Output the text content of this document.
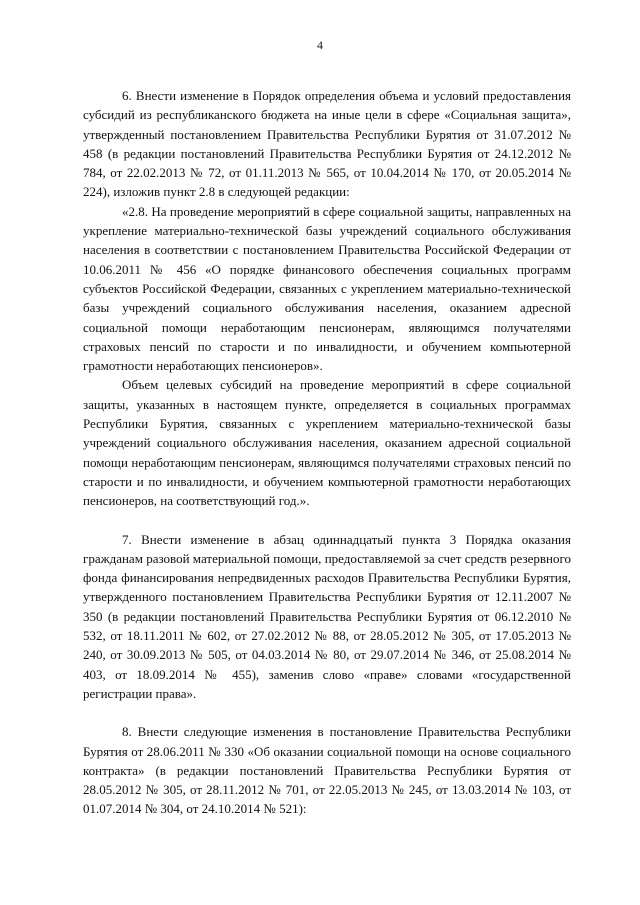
4

6. Внести изменение в Порядок определения объема и условий предоставления субсидий из республиканского бюджета на иные цели в сфере «Социальная защита», утвержденный постановлением Правительства Республики Бурятия от 31.07.2012 № 458 (в редакции постановлений Правительства Республики Бурятия от 24.12.2012 № 784, от 22.02.2013 № 72, от 01.11.2013 № 565, от 10.04.2014 № 170, от 20.05.2014 № 224), изложив пункт 2.8 в следующей редакции:

«2.8. На проведение мероприятий в сфере социальной защиты, направленных на укрепление материально-технической базы учреждений социального обслуживания населения в соответствии с постановлением Правительства Российской Федерации от 10.06.2011 № 456 «О порядке финансового обеспечения социальных программ субъектов Российской Федерации, связанных с укреплением материально-технической базы учреждений социального обслуживания населения, оказанием адресной социальной помощи неработающим пенсионерам, являющимся получателями страховых пенсий по старости и по инвалидности, и обучением компьютерной грамотности неработающих пенсионеров».

Объем целевых субсидий на проведение мероприятий в сфере социальной защиты, указанных в настоящем пункте, определяется в социальных программах Республики Бурятия, связанных с укреплением материально-технической базы учреждений социального обслуживания населения, оказанием адресной социальной помощи неработающим пенсионерам, являющимся получателями страховых пенсий по старости и по инвалидности, и обучением компьютерной грамотности неработающих пенсионеров, на соответствующий год.».

7. Внести изменение в абзац одиннадцатый пункта 3 Порядка оказания гражданам разовой материальной помощи, предоставляемой за счет средств резервного фонда финансирования непредвиденных расходов Правительства Республики Бурятия, утвержденного постановлением Правительства Республики Бурятия от 12.11.2007 № 350 (в редакции постановлений Правительства Республики Бурятия от 06.12.2010 № 532, от 18.11.2011 № 602, от 27.02.2012 № 88, от 28.05.2012 № 305, от 17.05.2013 № 240, от 30.09.2013 № 505, от 04.03.2014 № 80, от 29.07.2014 № 346, от 25.08.2014 № 403, от 18.09.2014 № 455), заменив слово «праве» словами «государственной регистрации права».

8. Внести следующие изменения в постановление Правительства Республики Бурятия от 28.06.2011 № 330 «Об оказании социальной помощи на основе социального контракта» (в редакции постановлений Правительства Республики Бурятия от 28.05.2012 № 305, от 28.11.2012 № 701, от 22.05.2013 № 245, от 13.03.2014 № 103, от 01.07.2014 № 304, от 24.10.2014 № 521):
